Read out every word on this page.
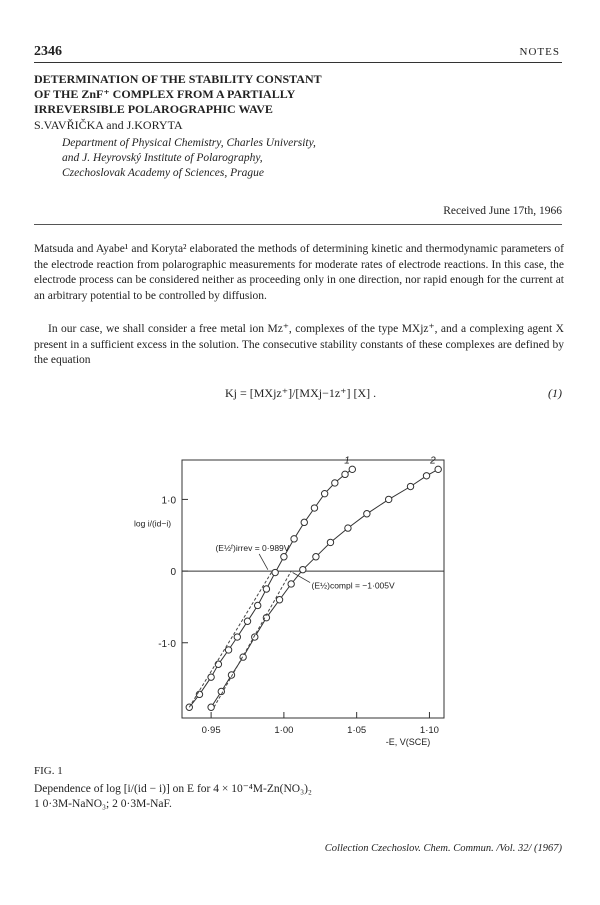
2346	NOTES
DETERMINATION OF THE STABILITY CONSTANT
OF THE ZnF⁺ COMPLEX FROM A PARTIALLY
IRREVERSIBLE POLAROGRAPHIC WAVE
S.VAVŘIČKA and J.KORYTA
Department of Physical Chemistry, Charles University,
and J. Heyrovský Institute of Polarography,
Czechoslovak Academy of Sciences, Prague
Received June 17th, 1966
Matsuda and Ayabe¹ and Koryta² elaborated the methods of determining kinetic and thermodynamic parameters of the electrode reaction from polarographic measurements for moderate rates of electrode reactions. In this case, the electrode process can be considered neither as proceeding only in one direction, nor rapid enough for the current at an arbitrary potential to be controlled by diffusion.
In our case, we shall consider a free metal ion Mz⁺, complexes of the type MXjz⁺, and a complexing agent X present in a sufficient excess in the solution. The consecutive stability constants of these complexes are defined by the equation
Kj = [MXjz⁺]/[MXj−1z⁺] [X] .	(1)
1·0
0
-1·0
0·95	1·00	1·05	1·10
-E, V(SCE)
log i/(id−i)
1	2
(E½ᶠ)irrev = 0·989V
(E½)compl = −1·005V
FIG. 1
Dependence of log [i/(id − i)] on E for 4 × 10⁻⁴M-Zn(NO₃)₂
1 0·3M-NaNO₃; 2 0·3M-NaF.
Collection Czechoslov. Chem. Commun. /Vol. 32/ (1967)
